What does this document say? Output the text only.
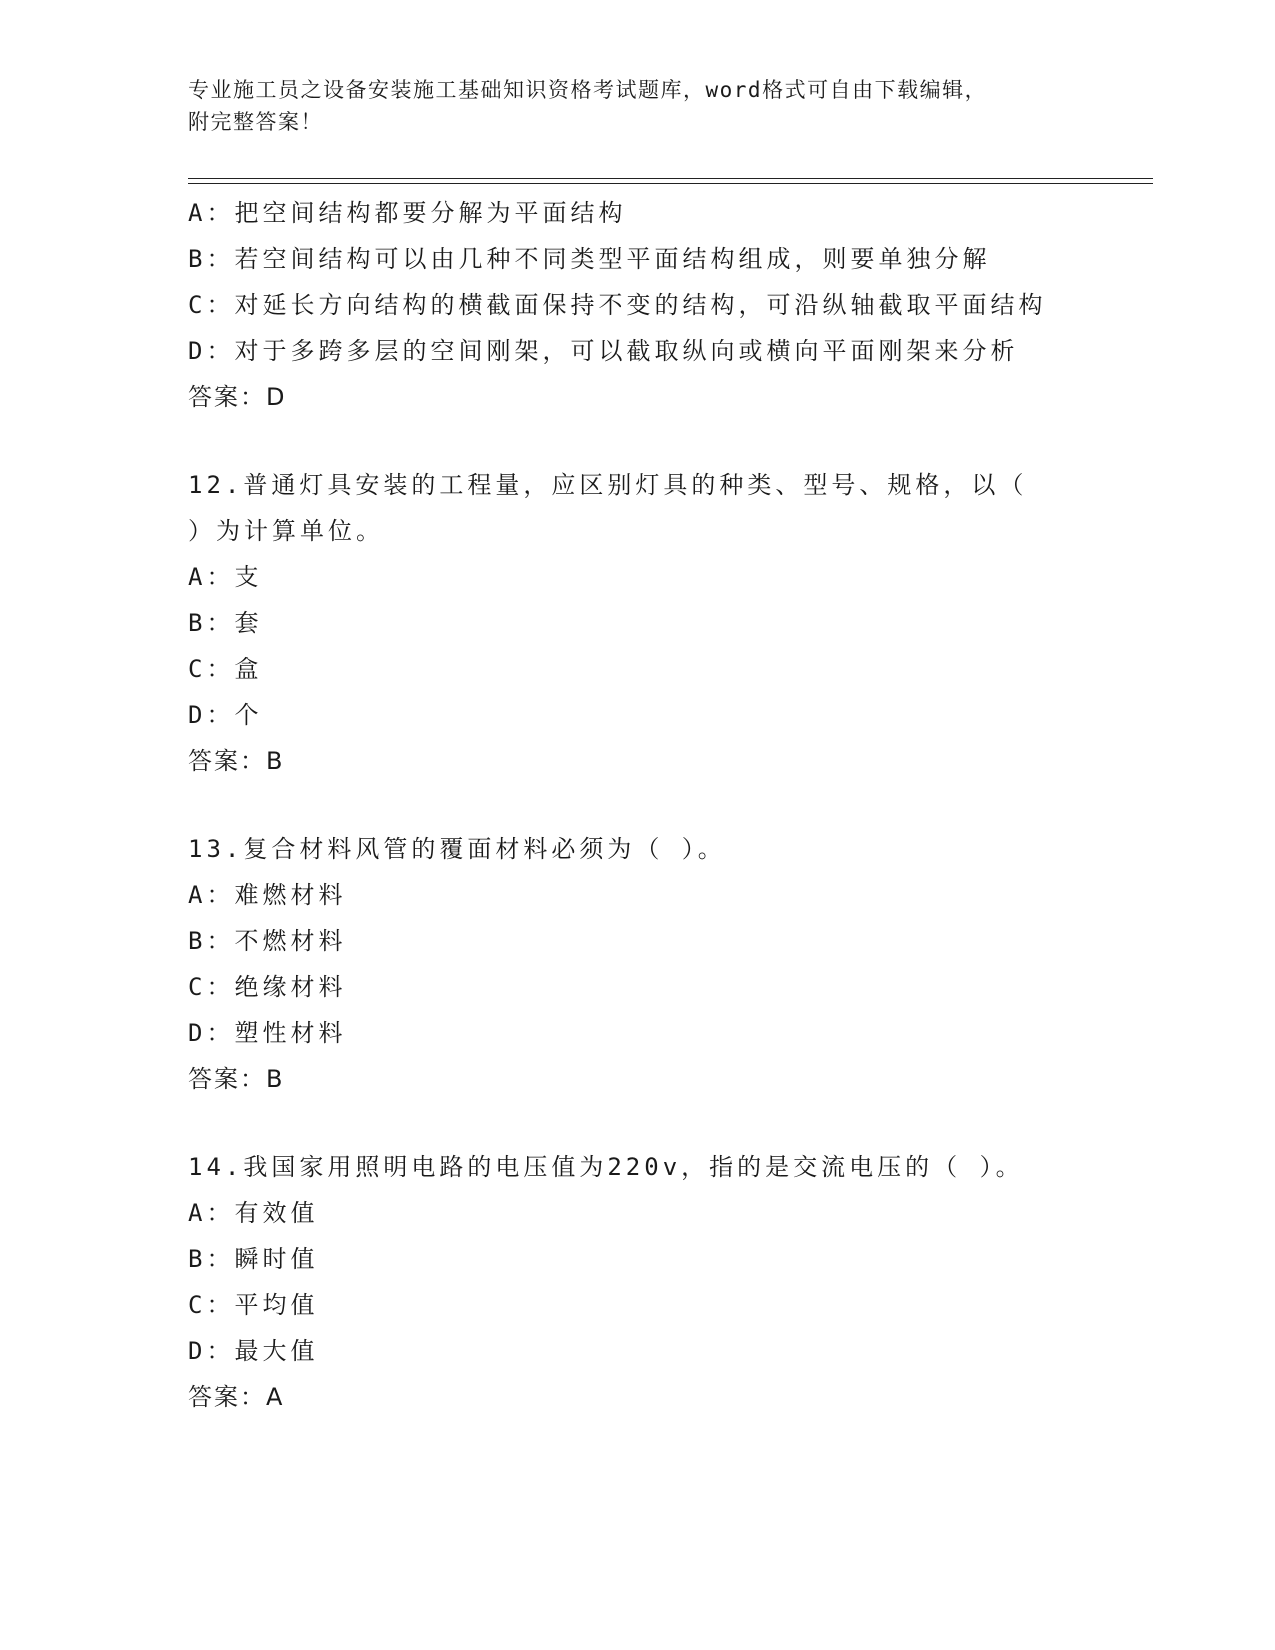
专业施工员之设备安装施工基础知识资格考试题库，word格式可自由下载编辑，
附完整答案！
A：把空间结构都要分解为平面结构
B：若空间结构可以由几种不同类型平面结构组成，则要单独分解
C：对延长方向结构的横截面保持不变的结构，可沿纵轴截取平面结构
D：对于多跨多层的空间刚架，可以截取纵向或横向平面刚架来分析
答案：D
12.普通灯具安装的工程量，应区别灯具的种类、型号、规格，以（
）为计算单位。
A：支
B：套
C：盒
D：个
答案：B
13.复合材料风管的覆面材料必须为（ ）。
A：难燃材料
B：不燃材料
C：绝缘材料
D：塑性材料
答案：B
14.我国家用照明电路的电压值为220v，指的是交流电压的（ ）。
A：有效值
B：瞬时值
C：平均值
D：最大值
答案：A
